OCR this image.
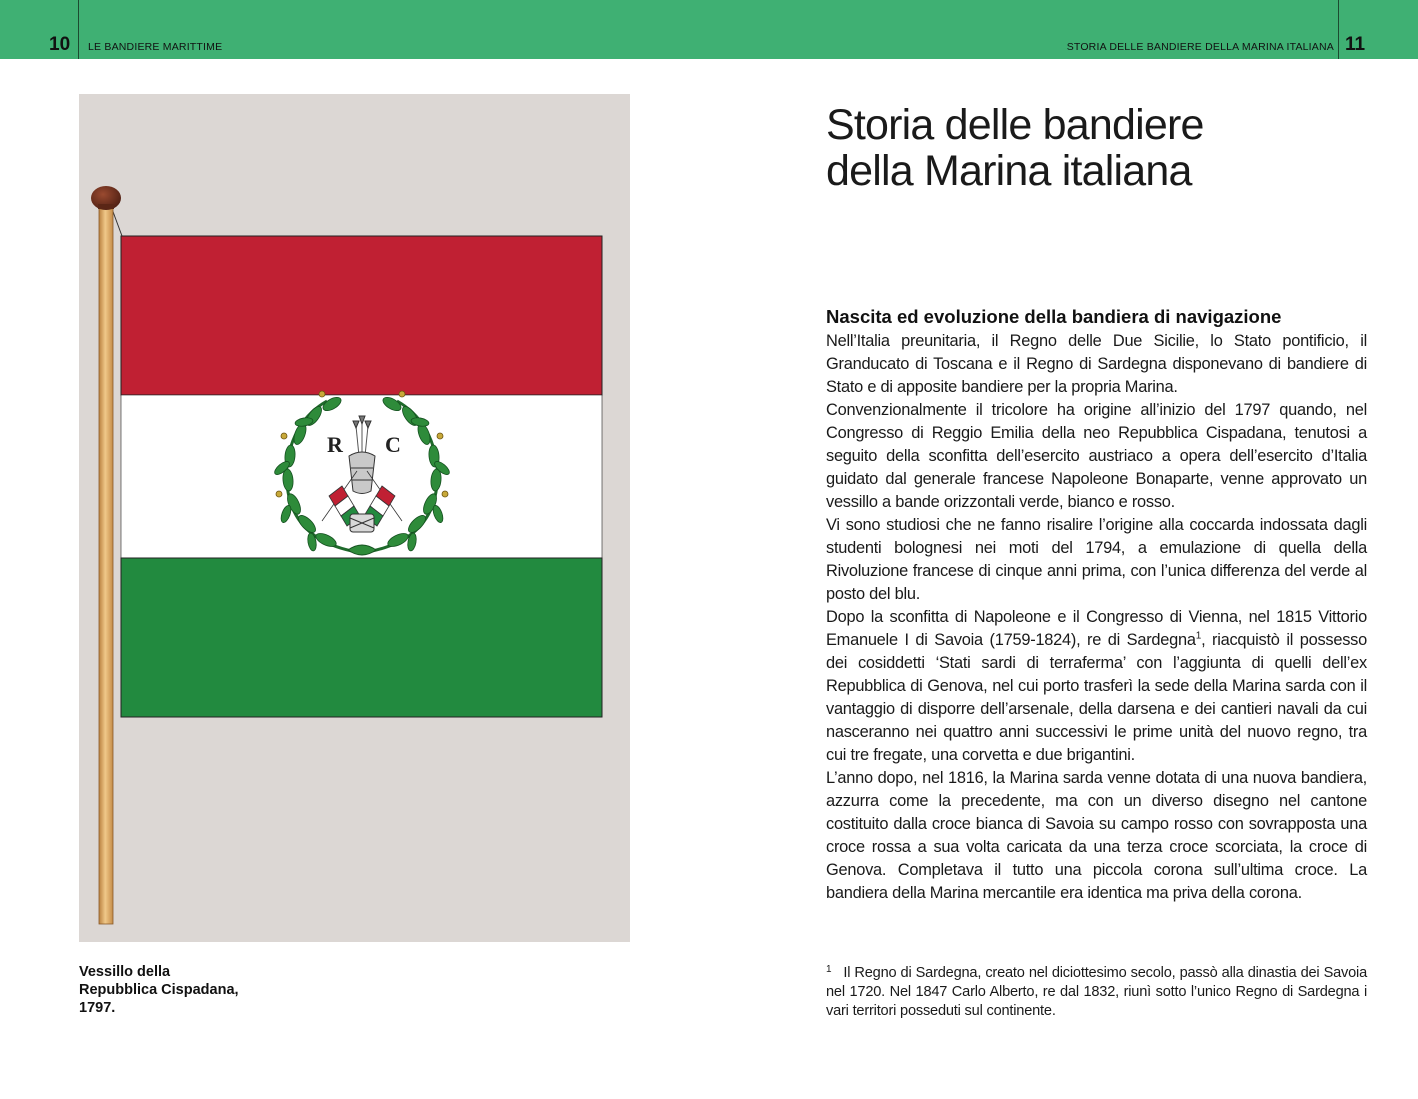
10 LE BANDIERE MARITTIME	STORIA DELLE BANDIERE DELLA MARINA ITALIANA 11
R C
Vessillo della Repubblica Cispadana, 1797.
Storia delle bandiere
della Marina italiana
Nascita ed evoluzione della bandiera di navigazione

Nell’Italia preunitaria, il Regno delle Due Sicilie, lo Stato pontificio, il Granducato di Toscana e il Regno di Sardegna disponevano di bandiere di Stato e di apposite bandiere per la propria Marina.

Convenzionalmente il tricolore ha origine all’inizio del 1797 quando, nel Congresso di Reggio Emilia della neo Repubblica Cispadana, tenutosi a seguito della sconfitta dell’esercito austriaco a opera dell’esercito d’Italia guidato dal generale francese Napoleone Bonaparte, venne approvato un vessillo a bande orizzontali verde, bianco e rosso.

Vi sono studiosi che ne fanno risalire l’origine alla coccarda indossata dagli studenti bolognesi nei moti del 1794, a emulazione di quella della Rivoluzione francese di cinque anni prima, con l’unica differenza del verde al posto del blu.

Dopo la sconfitta di Napoleone e il Congresso di Vienna, nel 1815 Vittorio Emanuele I di Savoia (1759-1824), re di Sardegna$^1$, riacquistò il possesso dei cosiddetti ‘Stati sardi di terraferma’ con l’aggiunta di quelli dell’ex Repubblica di Genova, nel cui porto trasferì la sede della Marina sarda con il vantaggio di disporre dell’arsenale, della darsena e dei cantieri navali da cui nasceranno nei quattro anni successivi le prime unità del nuovo regno, tra cui tre fregate, una corvetta e due brigantini.

L’anno dopo, nel 1816, la Marina sarda venne dotata di una nuova bandiera, azzurra come la precedente, ma con un diverso disegno nel cantone costituito dalla croce bianca di Savoia su campo rosso con sovrapposta una croce rossa a sua volta caricata da una terza croce scorciata, la croce di Genova. Completava il tutto una piccola corona sull’ultima croce. La bandiera della Marina mercantile era identica ma priva della corona.

$^1$ Il Regno di Sardegna, creato nel diciottesimo secolo, passò alla dinastia dei Savoia nel 1720. Nel 1847 Carlo Alberto, re dal 1832, riunì sotto l’unico Regno di Sardegna i vari territori posseduti sul continente.
